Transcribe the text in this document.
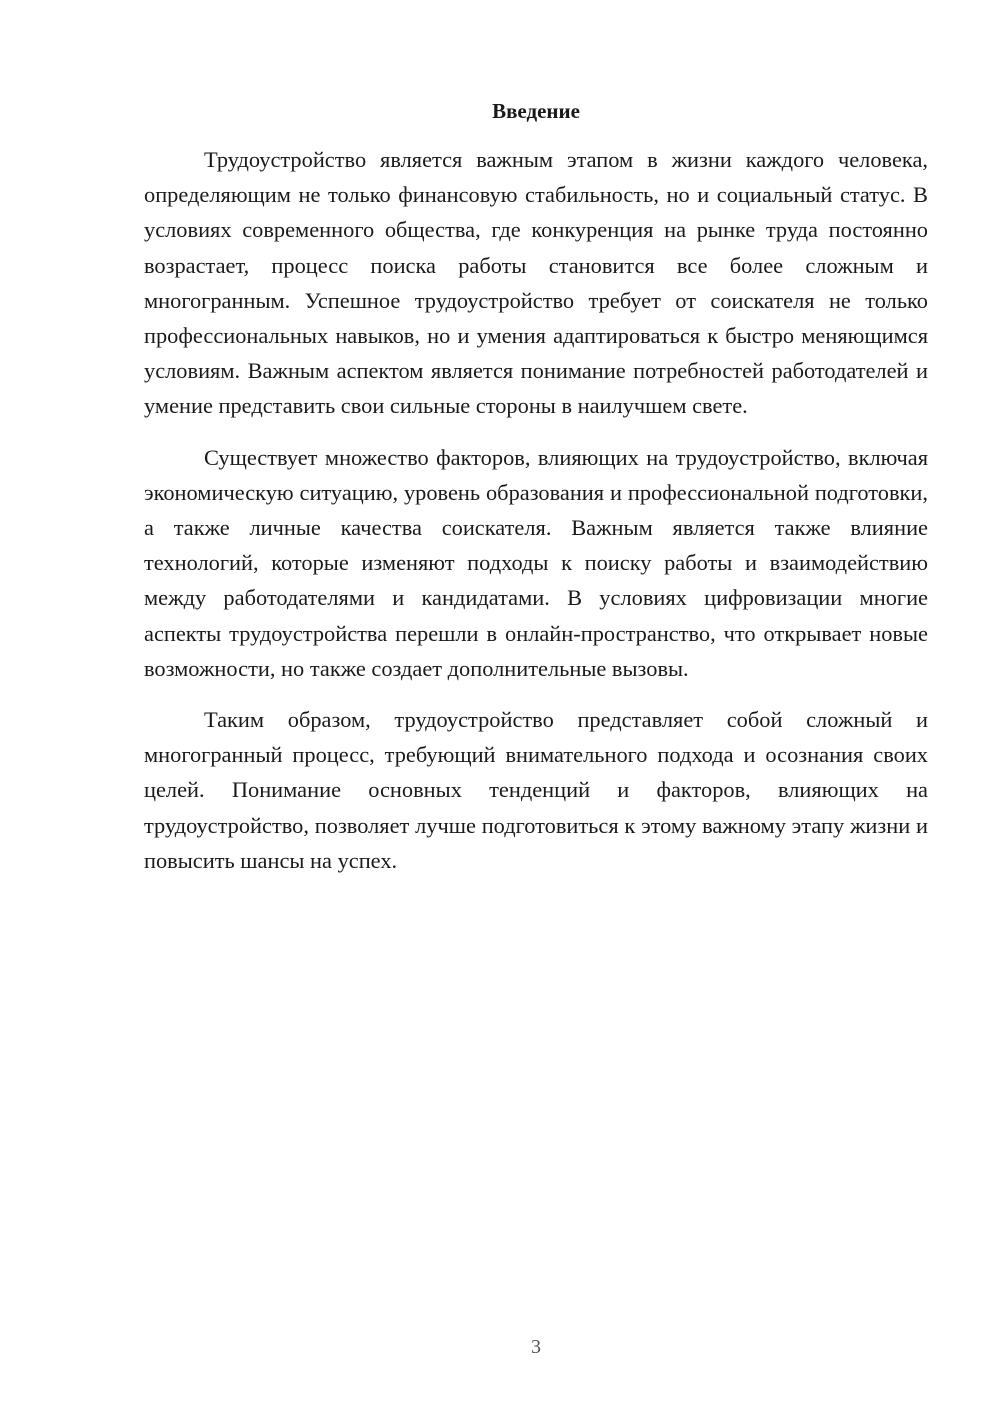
Введение

Трудоустройство является важным этапом в жизни каждого человека, определяющим не только финансовую стабильность, но и социальный статус. В условиях современного общества, где конкуренция на рынке труда постоянно возрастает, процесс поиска работы становится все более сложным и многогранным. Успешное трудоустройство требует от соискателя не только профессиональных навыков, но и умения адаптироваться к быстро меняющимся условиям. Важным аспектом является понимание потребностей работодателей и умение представить свои сильные стороны в наилучшем свете.

Существует множество факторов, влияющих на трудоустройство, включая экономическую ситуацию, уровень образования и профессиональной подготовки, а также личные качества соискателя. Важным является также влияние технологий, которые изменяют подходы к поиску работы и взаимодействию между работодателями и кандидатами. В условиях цифровизации многие аспекты трудоустройства перешли в онлайн-пространство, что открывает новые возможности, но также создает дополнительные вызовы.

Таким образом, трудоустройство представляет собой сложный и многогранный процесс, требующий внимательного подхода и осознания своих целей. Понимание основных тенденций и факторов, влияющих на трудоустройство, позволяет лучше подготовиться к этому важному этапу жизни и повысить шансы на успех.

3
